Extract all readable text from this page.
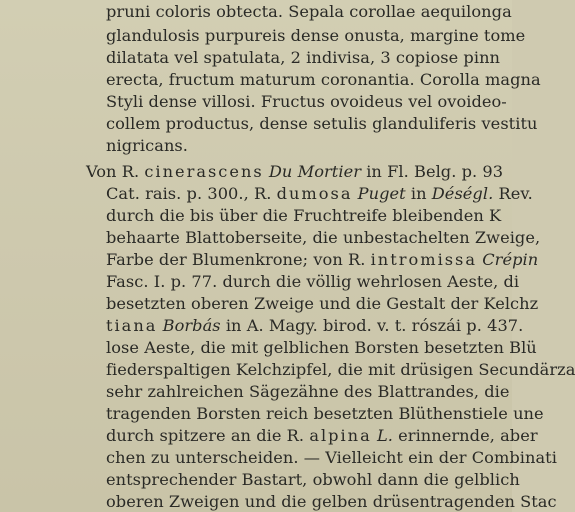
pruni coloris obtecta. Sepala corollae aequilonga
glandulosis purpureis dense onusta, margine tome
dilatata vel spatulata, 2 indivisa, 3 copiose pinn
erecta, fructum maturum coronantia. Corolla magna
Styli dense villosi. Fructus ovoideus vel ovoideo-
collem productus, dense setulis glanduliferis vestitu
nigricans.
Von R. cinerascens Du Mortier in Fl. Belg. p. 93
Cat. rais. p. 300., R. dumosa Puget in Déségl. Rev.
durch die bis über die Fruchtreife bleibenden K
behaarte Blattoberseite, die unbestachelten Zweige,
Farbe der Blumenkrone; von R. intromissa Crépin
Fasc. I. p. 77. durch die völlig wehrlosen Aeste, di
besetzten oberen Zweige und die Gestalt der Kelchz
tiana Borbás in A. Magy. birod. v. t. rószái p. 437.
lose Aeste, die mit gelblichen Borsten besetzten Blü
fiederspaltigen Kelchzipfel, die mit drüsigen Secundärza
sehr zahlreichen Sägezähne des Blattrandes, die
tragenden Borsten reich besetzten Blüthenstiele une
durch spitzere an die R. alpina L. erinnernde, aber
chen zu unterscheiden. — Vielleicht ein der Combinati
entsprechender Bastart, obwohl dann die gelblich
oberen Zweigen und die gelben drüsentragenden Stac
